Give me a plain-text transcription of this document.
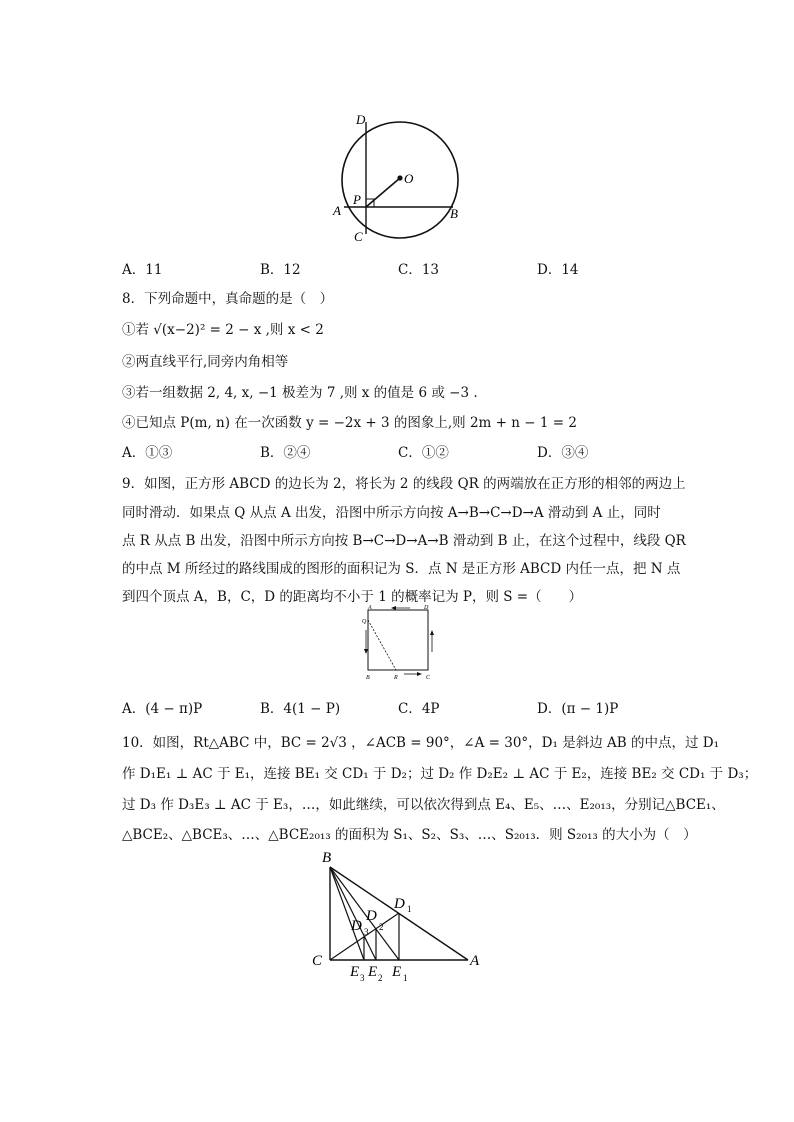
D
O
P
A	B
C
A．11	B．12	C．13	D．14
8．下列命题中，真命题的是（　）
①若 √(x−2)² = 2 − x ,则 x < 2
②两直线平行,同旁内角相等
③若一组数据 2, 4, x, −1 极差为 7 ,则 x 的值是 6 或 −3 .
④已知点 P(m, n) 在一次函数 y = −2x + 3 的图象上,则 2m + n − 1 = 2
A．①③	B．②④	C．①②	D．③④
9．如图，正方形 ABCD 的边长为 2，将长为 2 的线段 QR 的两端放在正方形的相邻的两边上
同时滑动．如果点 Q 从点 A 出发，沿图中所示方向按 A→B→C→D→A 滑动到 A 止，同时
点 R 从点 B 出发，沿图中所示方向按 B→C→D→A→B 滑动到 B 止，在这个过程中，线段 QR
的中点 M 所经过的路线围成的图形的面积记为 S．点 N 是正方形 ABCD 内任一点，把 N 点
到四个顶点 A，B，C，D 的距离均不小于 1 的概率记为 P，则 S =（　　）
A	D
Q
B	R	C
A．(4 − π)P	B．4(1 − P)	C．4P	D．(π − 1)P
10．如图，Rt△ABC 中，BC = 2√3 ，∠ACB = 90°，∠A = 30°，D₁ 是斜边 AB 的中点，过 D₁
作 D₁E₁ ⊥ AC 于 E₁，连接 BE₁ 交 CD₁ 于 D₂；过 D₂ 作 D₂E₂ ⊥ AC 于 E₂，连接 BE₂ 交 CD₁ 于 D₃；
过 D₃ 作 D₃E₃ ⊥ AC 于 E₃，…，如此继续，可以依次得到点 E₄、E₅、…、E₂₀₁₃，分别记△BCE₁、
△BCE₂、△BCE₃、…、△BCE₂₀₁₃ 的面积为 S₁、S₂、S₃、…、S₂₀₁₃．则 S₂₀₁₃ 的大小为（　）
B
D 1
D
2
D 3
C
E 3 E 2 E 1
A
